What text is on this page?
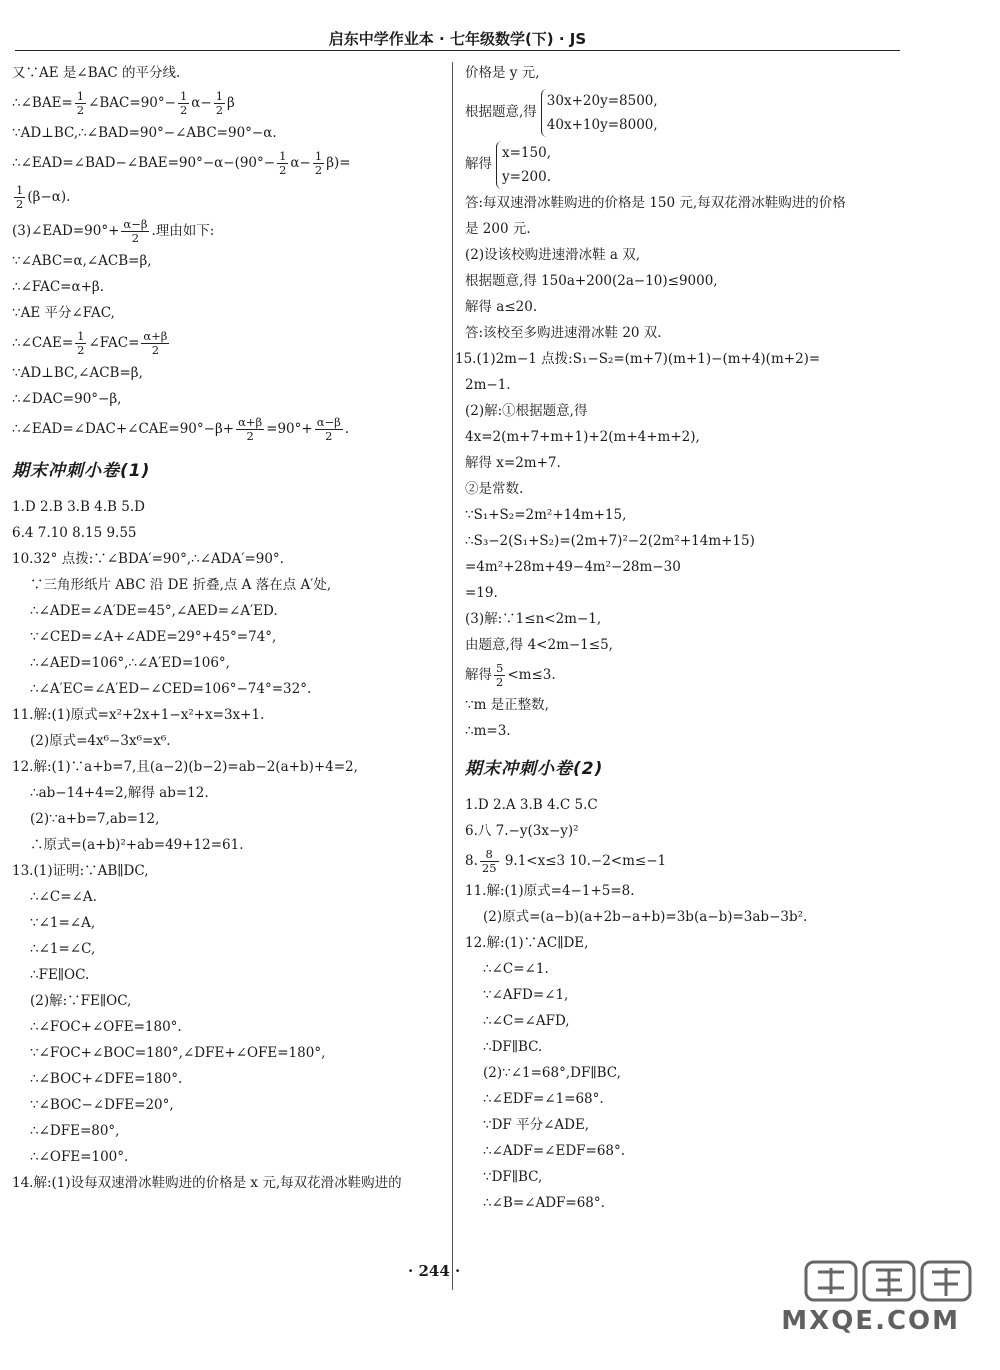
启东中学作业本 · 七年级数学(下) · JS
又∵AE 是∠BAC 的平分线.
∴∠BAE= $\frac{1}{2}$ ∠BAC=90°− $\frac{1}{2} \alpha- \frac{1}{2}$ β
∵AD⊥BC,∴∠BAD=90°−∠ABC=90°−α.
∴∠EAD=∠BAD−∠BAE=90°−α−(90°− $\frac{1}{2} \alpha- \frac{1}{2} \beta)=$
$\frac{1}{2} (\beta-\alpha)$.
(3)∠EAD=90°+ $\frac{\alpha-\beta}{2}$ .理由如下:
∵∠ABC=α,∠ACB=β,
∴∠FAC=α+β.
∵AE 平分∠FAC,
∴∠CAE= $\frac{1}{2}$ ∠FAC= $\frac{\alpha+\beta}{2}$
∵AD⊥BC,∠ACB=β,
∴∠DAC=90°−β,
∴∠EAD=∠DAC+∠CAE=90°−β+ $\frac{\alpha+\beta}{2} =90^\circ+ \frac{\alpha-\beta}{2}$ .
期末冲刺小卷(1)
1.D 2.B 3.B 4.B 5.D
6.4 7.10 8.15 9.55
10.32° 点拨:∵∠BDA′=90°,∴∠ADA′=90°.
∵三角形纸片 ABC 沿 DE 折叠,点 A 落在点 A′处,
∴∠ADE=∠A′DE=45°,∠AED=∠A′ED.
∵∠CED=∠A+∠ADE=29°+45°=74°,
∴∠AED=106°,∴∠A′ED=106°,
∴∠A′EC=∠A′ED−∠CED=106°−74°=32°.
11.解:(1)原式=x²+2x+1−x²+x=3x+1.
(2)原式=4x⁶−3x⁶=x⁶.
12.解:(1)∵a+b=7,且(a−2)(b−2)=ab−2(a+b)+4=2,
∴ab−14+4=2,解得 ab=12.
(2)∵a+b=7,ab=12,
∴原式=(a+b)²+ab=49+12=61.
13.(1)证明:∵AB∥DC,
∴∠C=∠A.
∵∠1=∠A,
∴∠1=∠C,
∴FE∥OC.
(2)解:∵FE∥OC,
∴∠FOC+∠OFE=180°.
∵∠FOC+∠BOC=180°,∠DFE+∠OFE=180°,
∴∠BOC+∠DFE=180°.
∵∠BOC−∠DFE=20°,
∴∠DFE=80°,
∴∠OFE=100°.
14.解:(1)设每双速滑冰鞋购进的价格是 x 元,每双花滑冰鞋购进的
价格是 y 元,
根据题意,得
30x+20y=8500,
40x+10y=8000,
解得
x=150,
y=200.
答:每双速滑冰鞋购进的价格是 150 元,每双花滑冰鞋购进的价格
是 200 元.
(2)设该校购进速滑冰鞋 a 双,
根据题意,得 150a+200(2a−10)≤9000,
解得 a≤20.
答:该校至多购进速滑冰鞋 20 双.
15.(1)2m−1 点拨:S₁−S₂=(m+7)(m+1)−(m+4)(m+2)=
2m−1.
(2)解:①根据题意,得
4x=2(m+7+m+1)+2(m+4+m+2),
解得 x=2m+7.
②是常数.
∵S₁+S₂=2m²+14m+15,
∴S₃−2(S₁+S₂)=(2m+7)²−2(2m²+14m+15)
=4m²+28m+49−4m²−28m−30
=19.
(3)解:∵1≤n<2m−1,
由题意,得 4<2m−1≤5,
解得 $\frac{5}{2} <m\le 3$.
∵m 是正整数,
∴m=3.
期末冲刺小卷(2)
1.D 2.A 3.B 4.C 5.C
6.八 7.−y(3x−y)²
8. $\frac{8}{25} 9.1<x\le 3$ 10.−2<m≤−1
11.解:(1)原式=4−1+5=8.
(2)原式=(a−b)(a+2b−a+b)=3b(a−b)=3ab−3b².
12.解:(1)∵AC∥DE,
∴∠C=∠1.
∵∠AFD=∠1,
∴∠C=∠AFD,
∴DF∥BC.
(2)∵∠1=68°,DF∥BC,
∴∠EDF=∠1=68°.
∵DF 平分∠ADE,
∴∠ADF=∠EDF=68°.
∵DF∥BC,
∴∠B=∠ADF=68°.
· 244 ·
MXQE.COM
